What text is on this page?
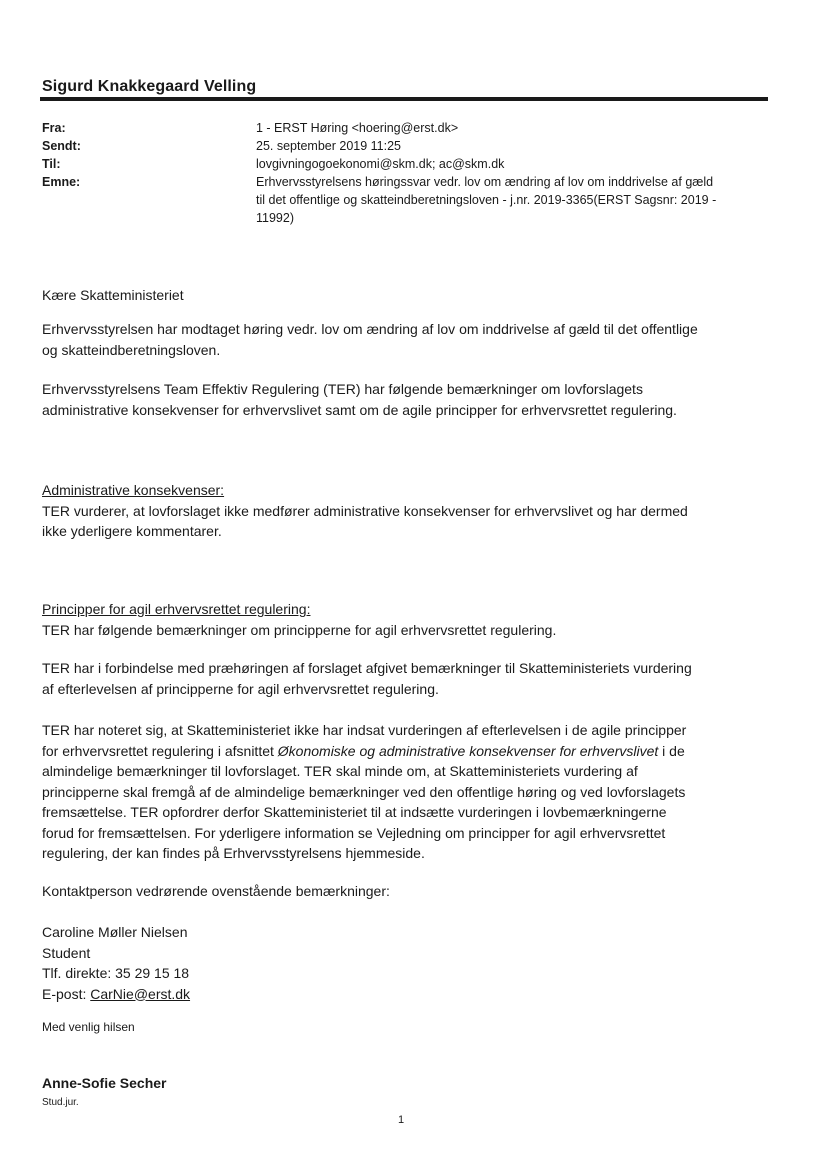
Sigurd Knakkegaard Velling
Fra:	1 - ERST Høring <hoering@erst.dk>
Sendt:	25. september 2019 11:25
Til:	lovgivningogoekonomi@skm.dk; ac@skm.dk
Emne:	Erhvervsstyrelsens høringssvar vedr. lov om ændring af lov om inddrivelse af gæld
til det offentlige og skatteindberetningsloven - j.nr. 2019-3365(ERST Sagsnr: 2019 -
11992)
Kære Skatteministeriet
Erhvervsstyrelsen har modtaget høring vedr. lov om ændring af lov om inddrivelse af gæld til det offentlige
og skatteindberetningsloven.
Erhvervsstyrelsens Team Effektiv Regulering (TER) har følgende bemærkninger om lovforslagets
administrative konsekvenser for erhvervslivet samt om de agile principper for erhvervsrettet regulering.
Administrative konsekvenser:
TER vurderer, at lovforslaget ikke medfører administrative konsekvenser for erhvervslivet og har dermed
ikke yderligere kommentarer.
Principper for agil erhvervsrettet regulering:
TER har følgende bemærkninger om principperne for agil erhvervsrettet regulering.
TER har i forbindelse med præhøringen af forslaget afgivet bemærkninger til Skatteministeriets vurdering
af efterlevelsen af principperne for agil erhvervsrettet regulering.
TER har noteret sig, at Skatteministeriet ikke har indsat vurderingen af efterlevelsen i de agile principper
for erhvervsrettet regulering i afsnittet Økonomiske og administrative konsekvenser for erhvervslivet i de
almindelige bemærkninger til lovforslaget. TER skal minde om, at Skatteministeriets vurdering af
principperne skal fremgå af de almindelige bemærkninger ved den offentlige høring og ved lovforslagets
fremsættelse. TER opfordrer derfor Skatteministeriet til at indsætte vurderingen i lovbemærkningerne
forud for fremsættelsen. For yderligere information se Vejledning om principper for agil erhvervsrettet
regulering, der kan findes på Erhvervsstyrelsens hjemmeside.
Kontaktperson vedrørende ovenstående bemærkninger:
Caroline Møller Nielsen
Student
Tlf. direkte: 35 29 15 18
E-post: CarNie@erst.dk
Med venlig hilsen
Anne-Sofie Secher
Stud.jur.
1
